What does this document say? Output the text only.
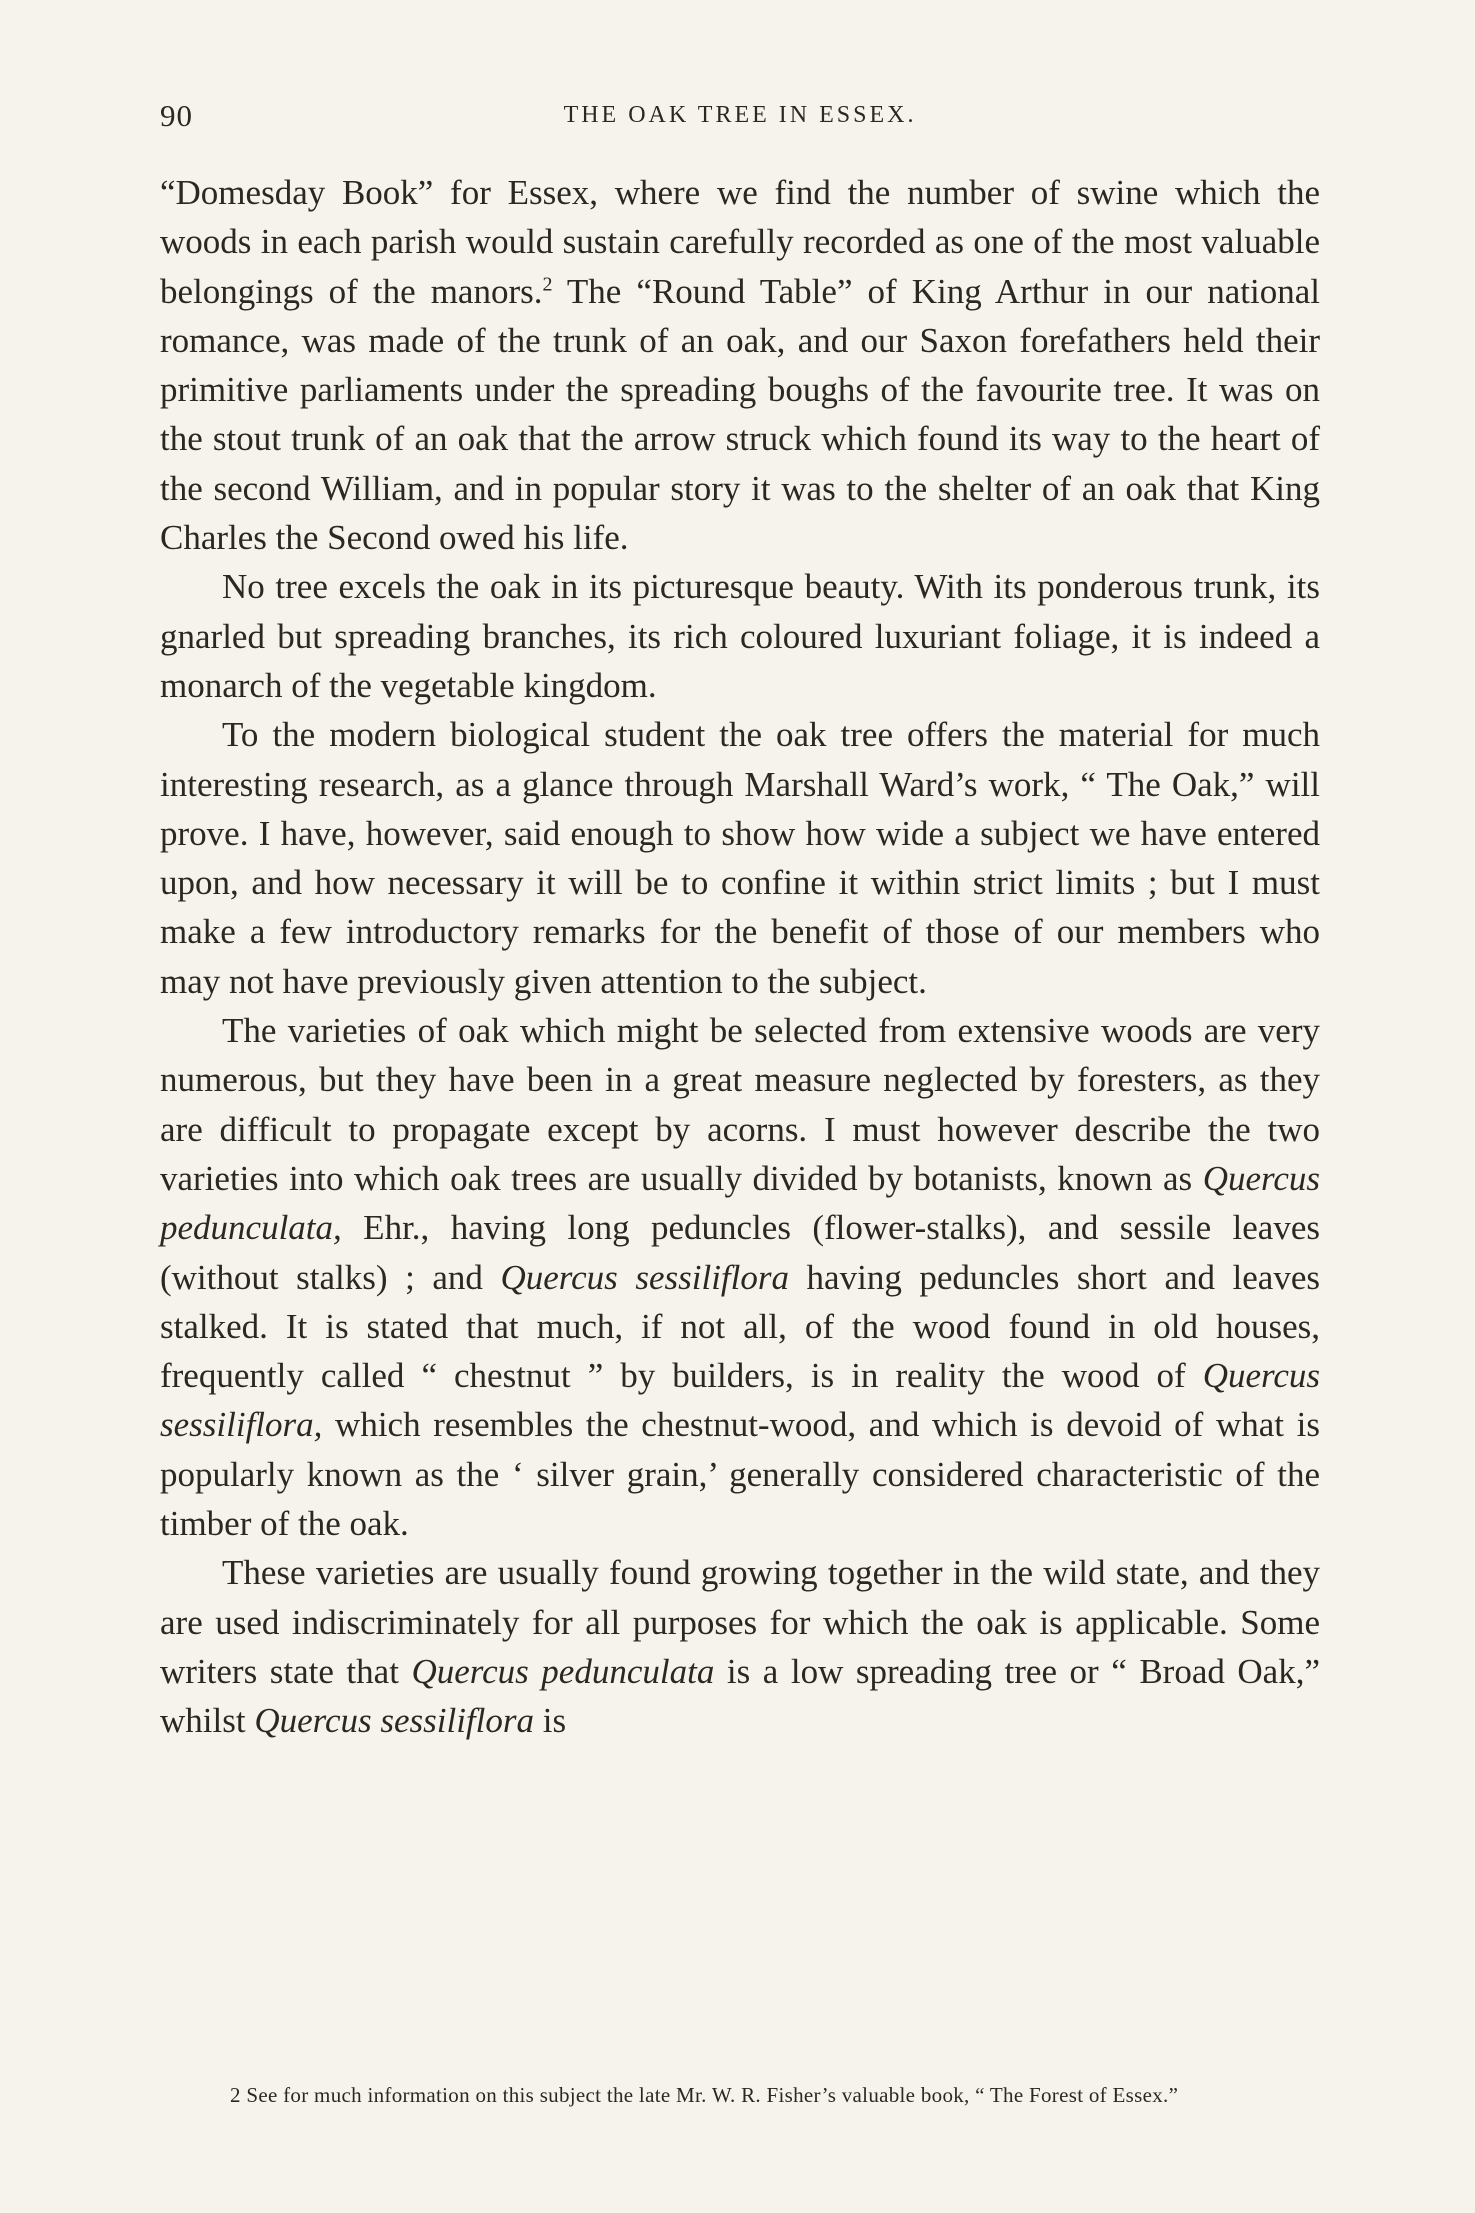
90	THE OAK TREE IN ESSEX.

“Domesday Book” for Essex, where we find the number of swine which the woods in each parish would sustain carefully recorded as one of the most valuable belongings of the manors.$^2$ The “Round Table” of King Arthur in our national romance, was made of the trunk of an oak, and our Saxon forefathers held their primitive parliaments under the spreading boughs of the favourite tree. It was on the stout trunk of an oak that the arrow struck which found its way to the heart of the second William, and in popular story it was to the shelter of an oak that King Charles the Second owed his life.

No tree excels the oak in its picturesque beauty. With its ponderous trunk, its gnarled but spreading branches, its rich coloured luxuriant foliage, it is indeed a monarch of the vegetable kingdom.

To the modern biological student the oak tree offers the material for much interesting research, as a glance through Marshall Ward’s work, “ The Oak,” will prove. I have, however, said enough to show how wide a subject we have entered upon, and how necessary it will be to confine it within strict limits ; but I must make a few introductory remarks for the benefit of those of our members who may not have previously given attention to the subject.

The varieties of oak which might be selected from extensive woods are very numerous, but they have been in a great measure neglected by foresters, as they are difficult to propagate except by acorns. I must however describe the two varieties into which oak trees are usually divided by botanists, known as Quercus pedunculata, Ehr., having long peduncles (flower-stalks), and sessile leaves (without stalks) ; and Quercus sessiliflora having peduncles short and leaves stalked. It is stated that much, if not all, of the wood found in old houses, frequently called “ chestnut ” by builders, is in reality the wood of Quercus sessiliflora, which resembles the chestnut-wood, and which is devoid of what is popularly known as the ‘ silver grain,’ generally considered characteristic of the timber of the oak.

These varieties are usually found growing together in the wild state, and they are used indiscriminately for all purposes for which the oak is applicable. Some writers state that Quercus pedunculata is a low spreading tree or “ Broad Oak,” whilst Quercus sessiliflora is

2 See for much information on this subject the late Mr. W. R. Fisher’s valuable book, “ The Forest of Essex.”
